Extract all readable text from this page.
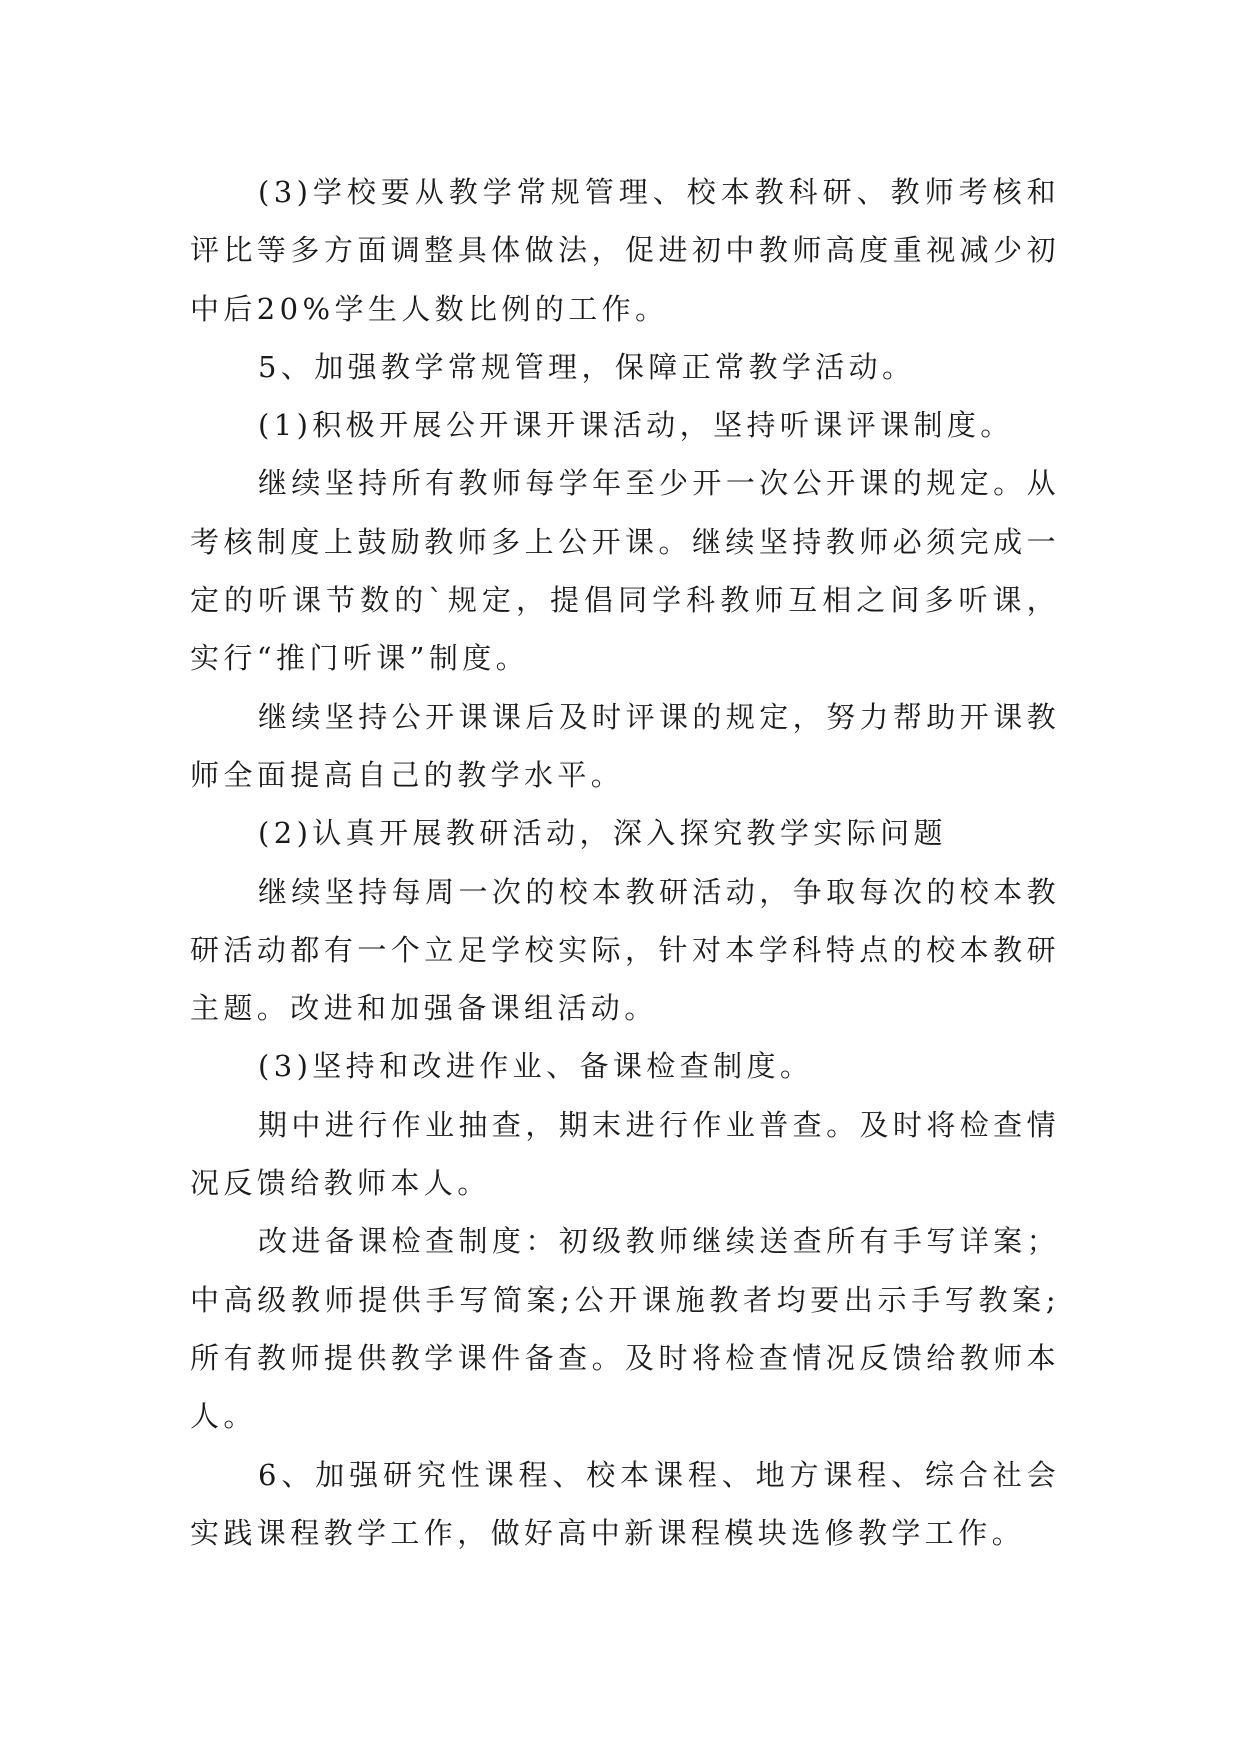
(3)学校要从教学常规管理、校本教科研、教师考核和评比等多方面调整具体做法，促进初中教师高度重视减少初中后20%学生人数比例的工作。

5、加强教学常规管理，保障正常教学活动。

(1)积极开展公开课开课活动，坚持听课评课制度。

继续坚持所有教师每学年至少开一次公开课的规定。从考核制度上鼓励教师多上公开课。继续坚持教师必须完成一定的听课节数的`规定，提倡同学科教师互相之间多听课，实行“推门听课”制度。

继续坚持公开课课后及时评课的规定，努力帮助开课教师全面提高自己的教学水平。

(2)认真开展教研活动，深入探究教学实际问题

继续坚持每周一次的校本教研活动，争取每次的校本教研活动都有一个立足学校实际，针对本学科特点的校本教研主题。改进和加强备课组活动。

(3)坚持和改进作业、备课检查制度。

期中进行作业抽查，期末进行作业普查。及时将检查情况反馈给教师本人。

改进备课检查制度：初级教师继续送查所有手写详案；中高级教师提供手写简案;公开课施教者均要出示手写教案;所有教师提供教学课件备查。及时将检查情况反馈给教师本人。

6、加强研究性课程、校本课程、地方课程、综合社会实践课程教学工作，做好高中新课程模块选修教学工作。
